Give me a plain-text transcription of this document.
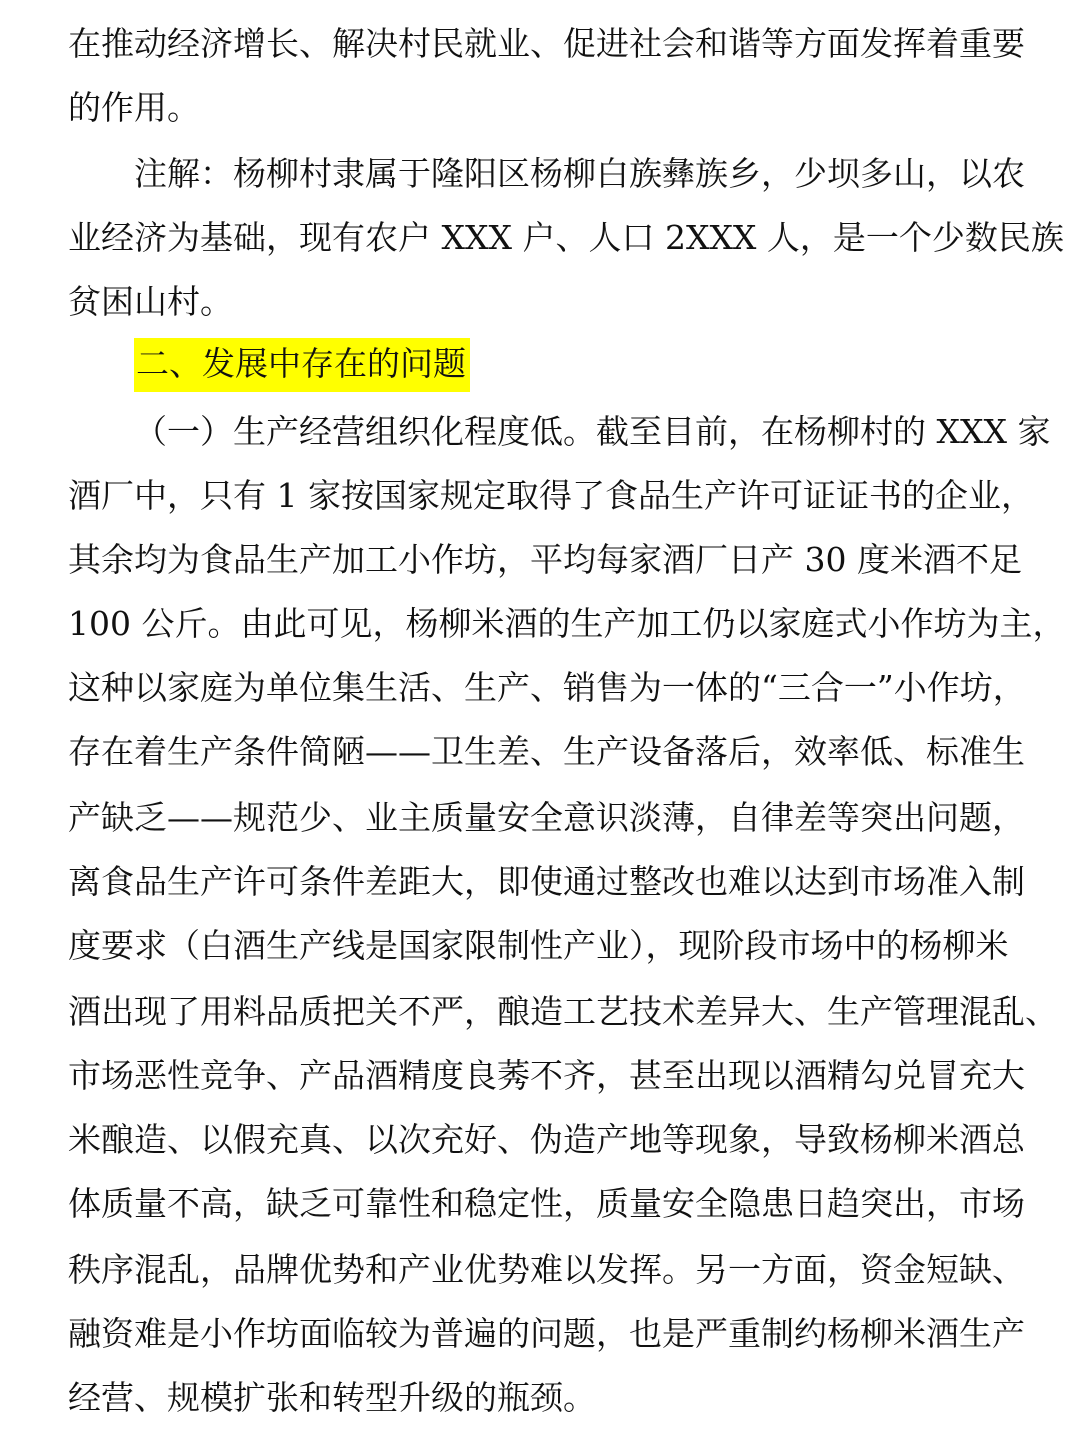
在推动经济增长、解决村民就业、促进社会和谐等方面发挥着重要
的作用。
注解：杨柳村隶属于隆阳区杨柳白族彝族乡，少坝多山，以农
业经济为基础，现有农户 XXX 户、人口 2XXX 人，是一个少数民族
贫困山村。
二、发展中存在的问题
（一）生产经营组织化程度低。截至目前，在杨柳村的 XXX 家
酒厂中，只有 1 家按国家规定取得了食品生产许可证证书的企业，
其余均为食品生产加工小作坊，平均每家酒厂日产 30 度米酒不足
100 公斤。由此可见，杨柳米酒的生产加工仍以家庭式小作坊为主，
这种以家庭为单位集生活、生产、销售为一体的“三合一”小作坊，
存在着生产条件简陋——卫生差、生产设备落后，效率低、标准生
产缺乏——规范少、业主质量安全意识淡薄，自律差等突出问题，
离食品生产许可条件差距大，即使通过整改也难以达到市场准入制
度要求（白酒生产线是国家限制性产业），现阶段市场中的杨柳米
酒出现了用料品质把关不严，酿造工艺技术差异大、生产管理混乱、
市场恶性竞争、产品酒精度良莠不齐，甚至出现以酒精勾兑冒充大
米酿造、以假充真、以次充好、伪造产地等现象，导致杨柳米酒总
体质量不高，缺乏可靠性和稳定性，质量安全隐患日趋突出，市场
秩序混乱，品牌优势和产业优势难以发挥。另一方面，资金短缺、
融资难是小作坊面临较为普遍的问题，也是严重制约杨柳米酒生产
经营、规模扩张和转型升级的瓶颈。
